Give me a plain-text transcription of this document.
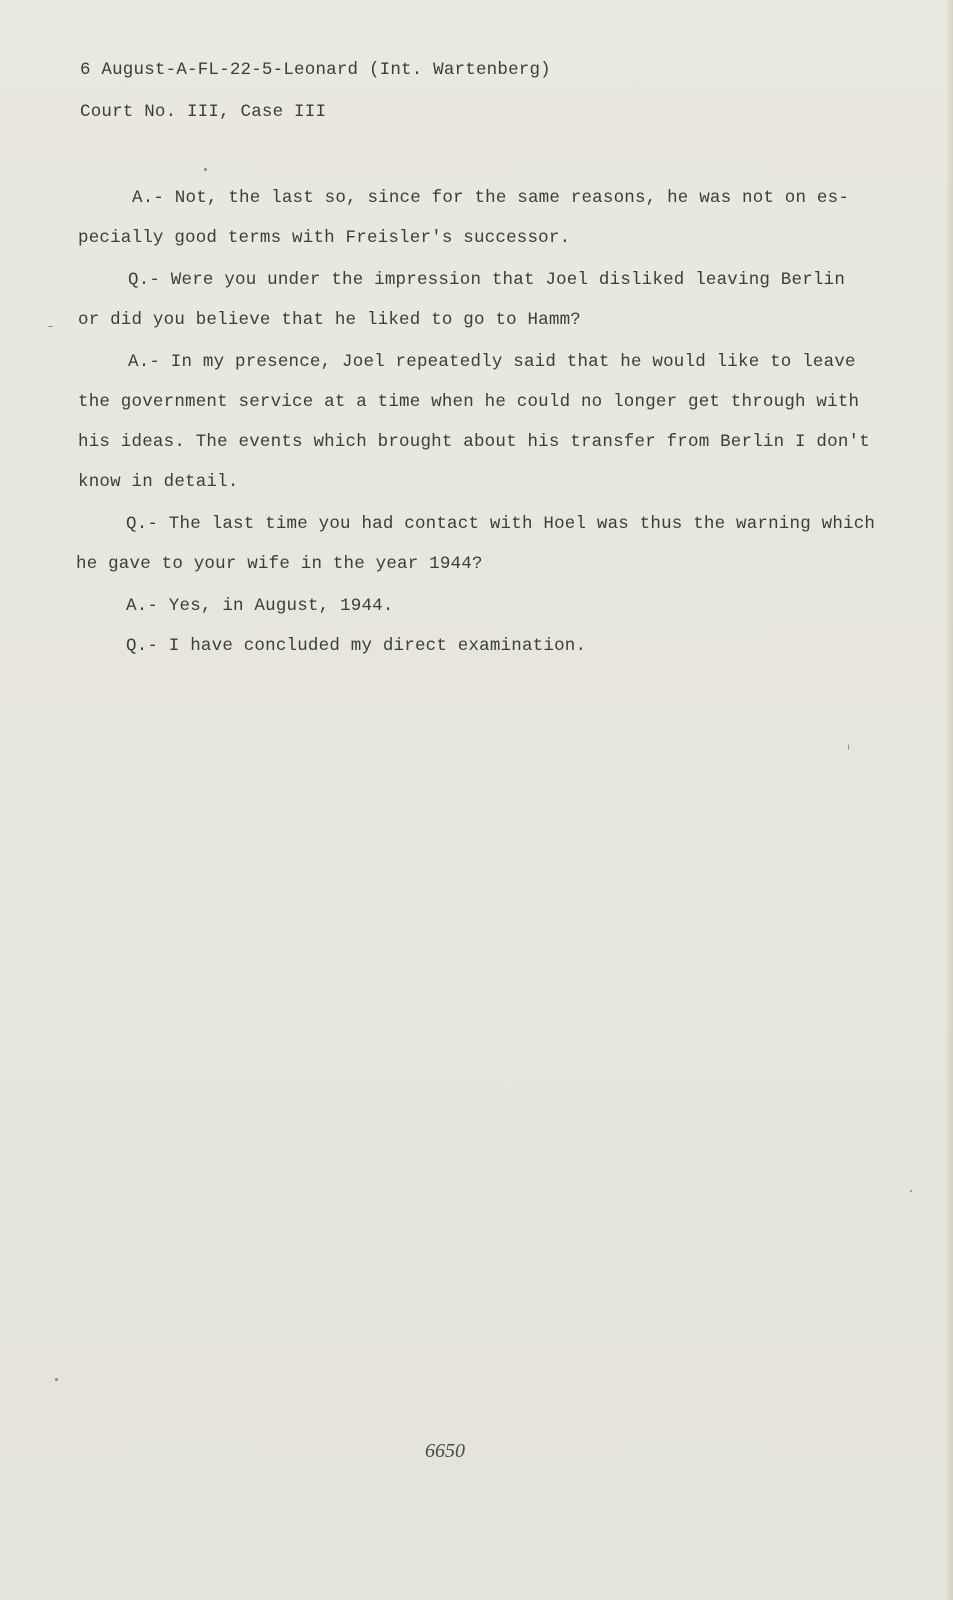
6 August-A-FL-22-5-Leonard (Int. Wartenberg)
Court No. III, Case III
A.- Not, the last so, since for the same reasons, he was not on es-
pecially good terms with Freisler's successor.
Q.- Were you under the impression that Joel disliked leaving Berlin
or did you believe that he liked to go to Hamm?
A.- In my presence, Joel repeatedly said that he would like to leave
the government service at a time when he could no longer get through with
his ideas. The events which brought about his transfer from Berlin I don't
know in detail.
Q.- The last time you had contact with Hoel was thus the warning which
he gave to your wife in the year 1944?
A.- Yes, in August, 1944.
Q.- I have concluded my direct examination.
6650
